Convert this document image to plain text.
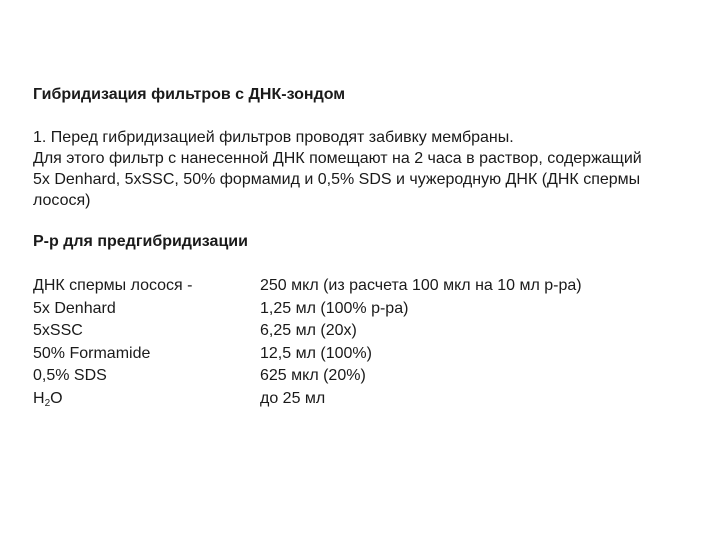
Гибридизация фильтров с ДНК-зондом

1. Перед гибридизацией фильтров проводят забивку мембраны.

Для этого фильтр с нанесенной ДНК помещают на 2 часа в раствор, содержащий

5х Denhard, 5хSSC, 50% формамид и 0,5% SDS и чужеродную ДНК (ДНК спермы

лосося)

Р-р для предгибридизации

ДНК спермы лосося -	250 мкл (из расчета 100 мкл на 10 мл р-ра)
5х Denhard	1,25 мл (100% р-ра)
5хSSC	6,25 мл (20х)
50% Formamide	12,5 мл (100%)
0,5% SDS	625 мкл (20%)
$H_2O$	до 25 мл
